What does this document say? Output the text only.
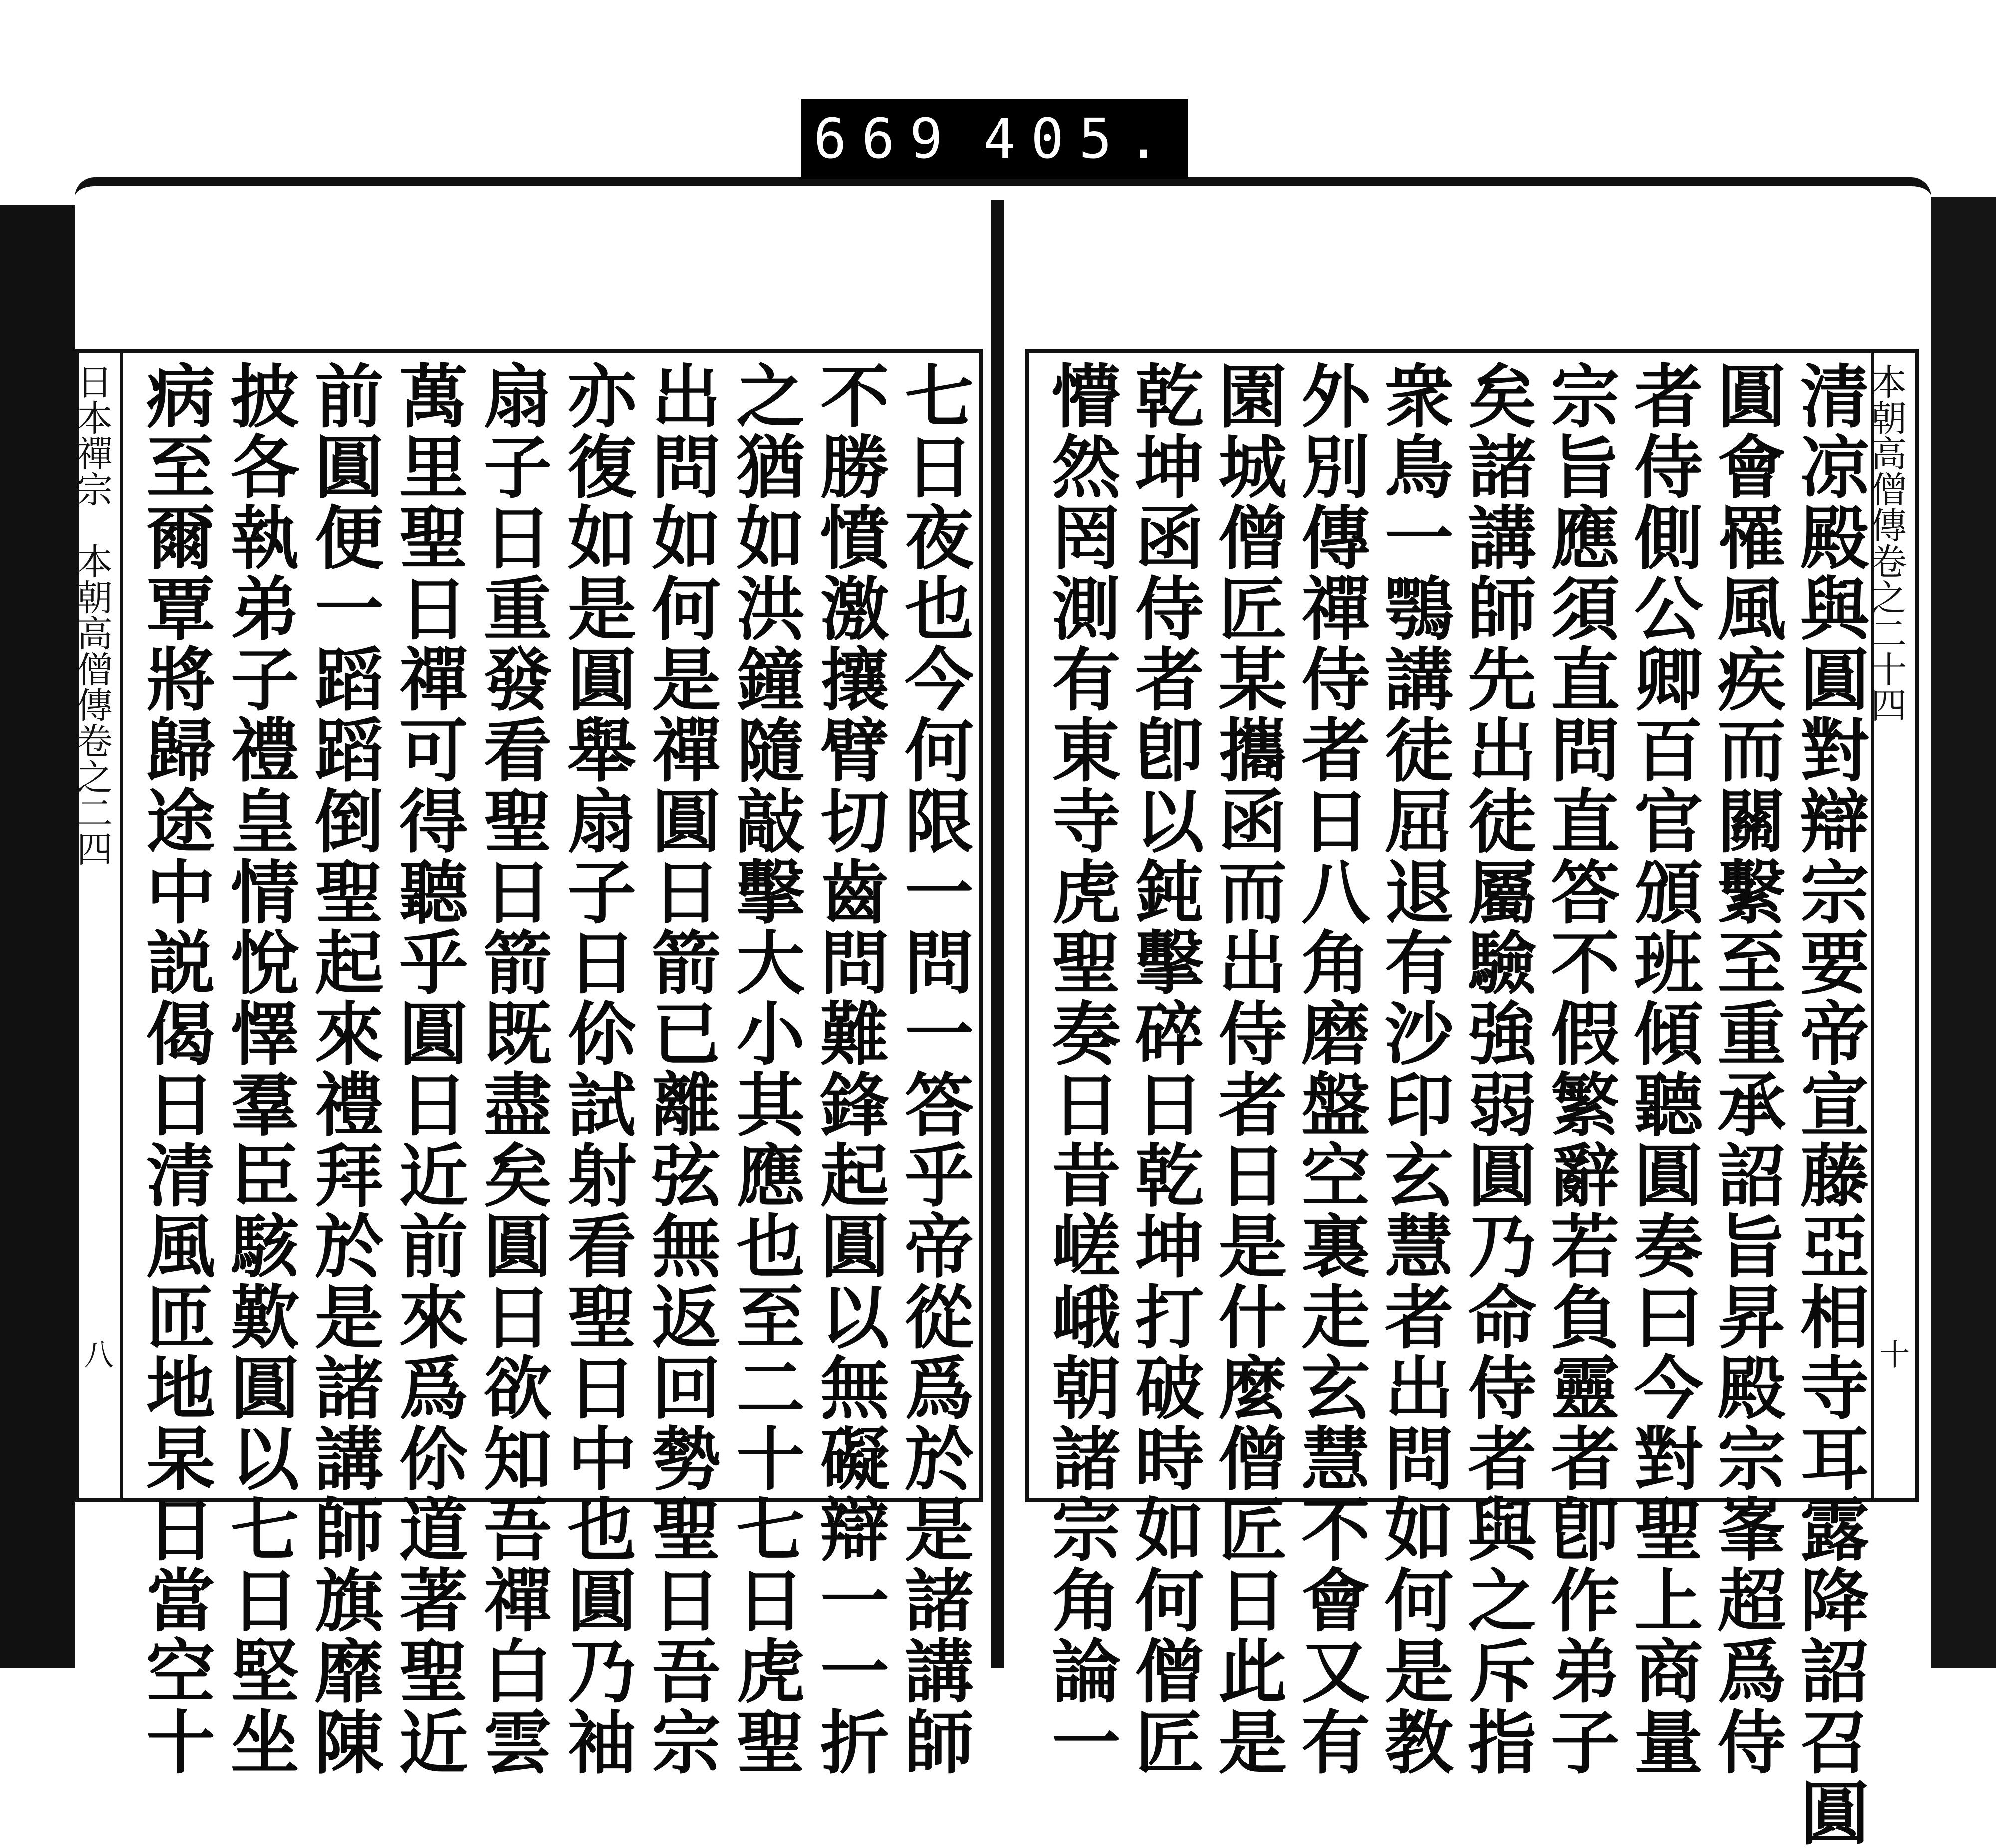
669 405.
日本禪宗　本朝高僧傳卷之二四
八	七日夜也今何限一問一答乎帝從爲於是諸講師
不勝憤激攘臂切齒問難鋒起圓以無礙辯一一折
之猶如洪鐘隨敲擊大小其應也至二十七日虎聖
出問如何是禪圓日箭已離弦無返回勢聖日吾宗
亦復如是圓舉扇子日伱試射看聖日中也圓乃袖
扇子日重發看聖日箭既盡矣圓日欲知吾禪白雲
萬里聖日禪可得聽乎圓日近前來爲伱道著聖近
前圓便一蹈蹈倒聖起來禮拜於是諸講師旗靡陳
披各執弟子禮皇情悅懌羣臣駭歎圓以七日堅坐
病至爾覃將歸途中説偈日清風匝地杲日當空十	本朝高僧傳卷之二十四
十
清凉殿與圓對辯宗要帝宣藤亞相寺耳露降詔召圓
圓會罹風疾而關繫至重承詔旨昇殿宗峯超爲侍
者侍側公卿百官頒班傾聽圓奏曰今對聖上商量
宗旨應須直問直答不假繁辭若負靈者卽作弟子
矣諸講師先出徒屬驗強弱圓乃命侍者與之斥指
衆鳥一鶚講徒屈退有沙印玄慧者出問如何是教
外別傳禪侍者日八角磨盤空裏走玄慧不會又有
園城僧匠某攜函而出侍者日是什麼僧匠日此是
乾坤函侍者卽以鈍擊碎日乾坤打破時如何僧匠
懵然罔測有東寺虎聖奏日昔嵯峨朝諸宗角論一
